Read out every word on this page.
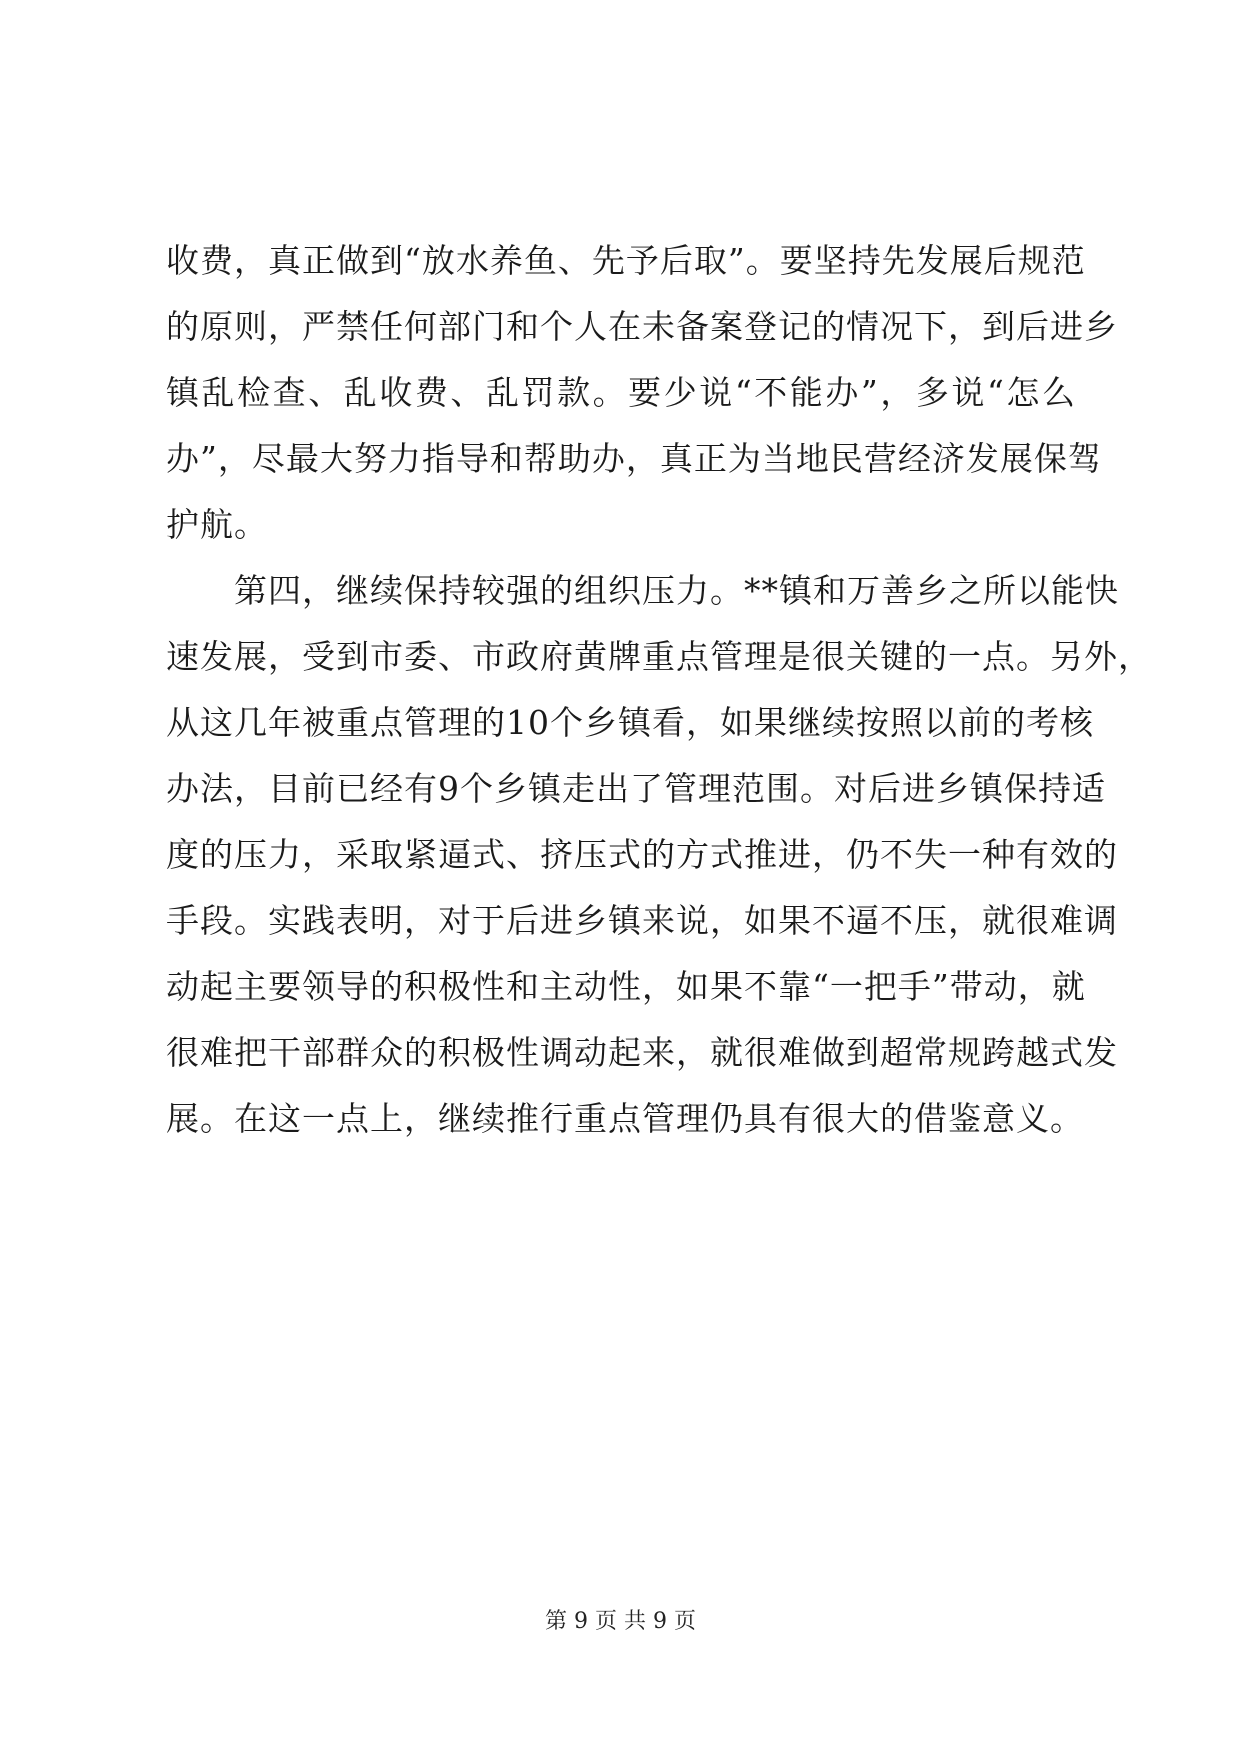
收费，真正做到“放水养鱼、先予后取”。要坚持先发展后规范
的原则，严禁任何部门和个人在未备案登记的情况下，到后进乡
镇乱检查、乱收费、乱罚款。要少说“不能办”，多说“怎么
办”，尽最大努力指导和帮助办，真正为当地民营经济发展保驾
护航。
　　第四，继续保持较强的组织压力。**镇和万善乡之所以能快
速发展，受到市委、市政府黄牌重点管理是很关键的一点。另外，
从这几年被重点管理的10个乡镇看，如果继续按照以前的考核
办法，目前已经有9个乡镇走出了管理范围。对后进乡镇保持适
度的压力，采取紧逼式、挤压式的方式推进，仍不失一种有效的
手段。实践表明，对于后进乡镇来说，如果不逼不压，就很难调
动起主要领导的积极性和主动性，如果不靠“一把手”带动，就
很难把干部群众的积极性调动起来，就很难做到超常规跨越式发
展。在这一点上，继续推行重点管理仍具有很大的借鉴意义。
第 9 页 共 9 页
